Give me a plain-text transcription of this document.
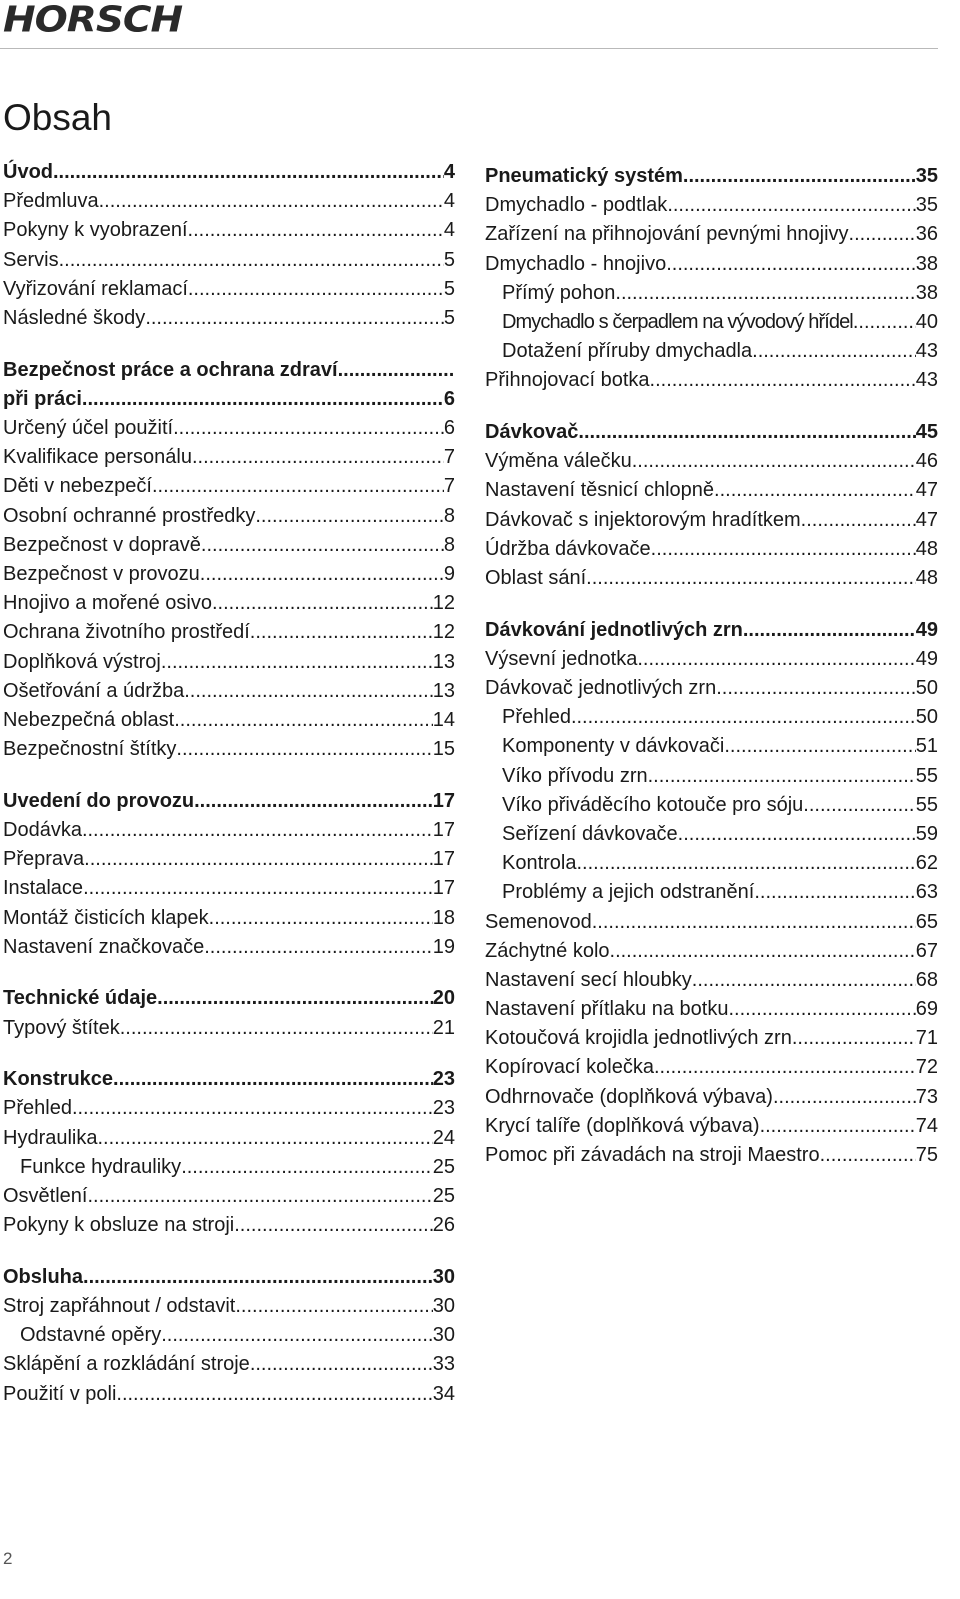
HORSCH
Obsah
Úvod .....	4
Předmluva .....	4
Pokyny k vyobrazení .....	4
Servis .....	5
Vyřizování reklamací .....	5
Následné škody .....	5
Bezpečnost práce a ochrana zdraví
.....
při práci .....	6
Určený účel použití .....	6
Kvalifikace personálu .....	7
Děti v nebezpečí .....	7
Osobní ochranné prostředky .....	8
Bezpečnost v dopravě .....	8
Bezpečnost v provozu .....	9
Hnojivo a mořené osivo .....	12
Ochrana životního prostředí .....	12
Doplňková výstroj .....	13
Ošetřování a údržba .....	13
Nebezpečná oblast .....	14
Bezpečnostní štítky .....	15
Uvedení do provozu .....	17
Dodávka .....	17
Přeprava .....	17
Instalace .....	17
Montáž čisticích klapek .....	18
Nastavení značkovače .....	19
Technické údaje .....	20
Typový štítek .....	21
Konstrukce .....	23
Přehled .....	23
Hydraulika .....	24
Funkce hydrauliky .....	25
Osvětlení .....	25
Pokyny k obsluze na stroji .....	26
Obsluha .....	30
Stroj zapřáhnout / odstavit .....	30
Odstavné opěry .....	30
Sklápění a rozkládání stroje .....	33
Použití v poli .....	34
Pneumatický systém .....	35
Dmychadlo - podtlak .....	35
Zařízení na přihnojování pevnými hnojivy .....	36
Dmychadlo - hnojivo .....	38
Přímý pohon .....	38
Dmychadlo s čerpadlem na vývodový hřídel .....	40
Dotažení příruby dmychadla .....	43
Přihnojovací botka .....	43
Dávkovač .....	45
Výměna válečku .....	46
Nastavení těsnicí chlopně .....	47
Dávkovač s injektorovým hradítkem .....	47
Údržba dávkovače .....	48
Oblast sání .....	48
Dávkování jednotlivých zrn .....	49
Výsevní jednotka .....	49
Dávkovač jednotlivých zrn .....	50
Přehled .....	50
Komponenty v dávkovači .....	51
Víko přívodu zrn .....	55
Víko přiváděcího kotouče pro sóju .....	55
Seřízení dávkovače .....	59
Kontrola .....	62
Problémy a jejich odstranění .....	63
Semenovod .....	65
Záchytné kolo .....	67
Nastavení secí hloubky .....	68
Nastavení přítlaku na botku .....	69
Kotoučová krojidla jednotlivých zrn .....	71
Kopírovací kolečka .....	72
Odhrnovače (doplňková výbava) .....	73
Krycí talíře (doplňková výbava) .....	74
Pomoc při závadách na stroji Maestro .....	75
2
